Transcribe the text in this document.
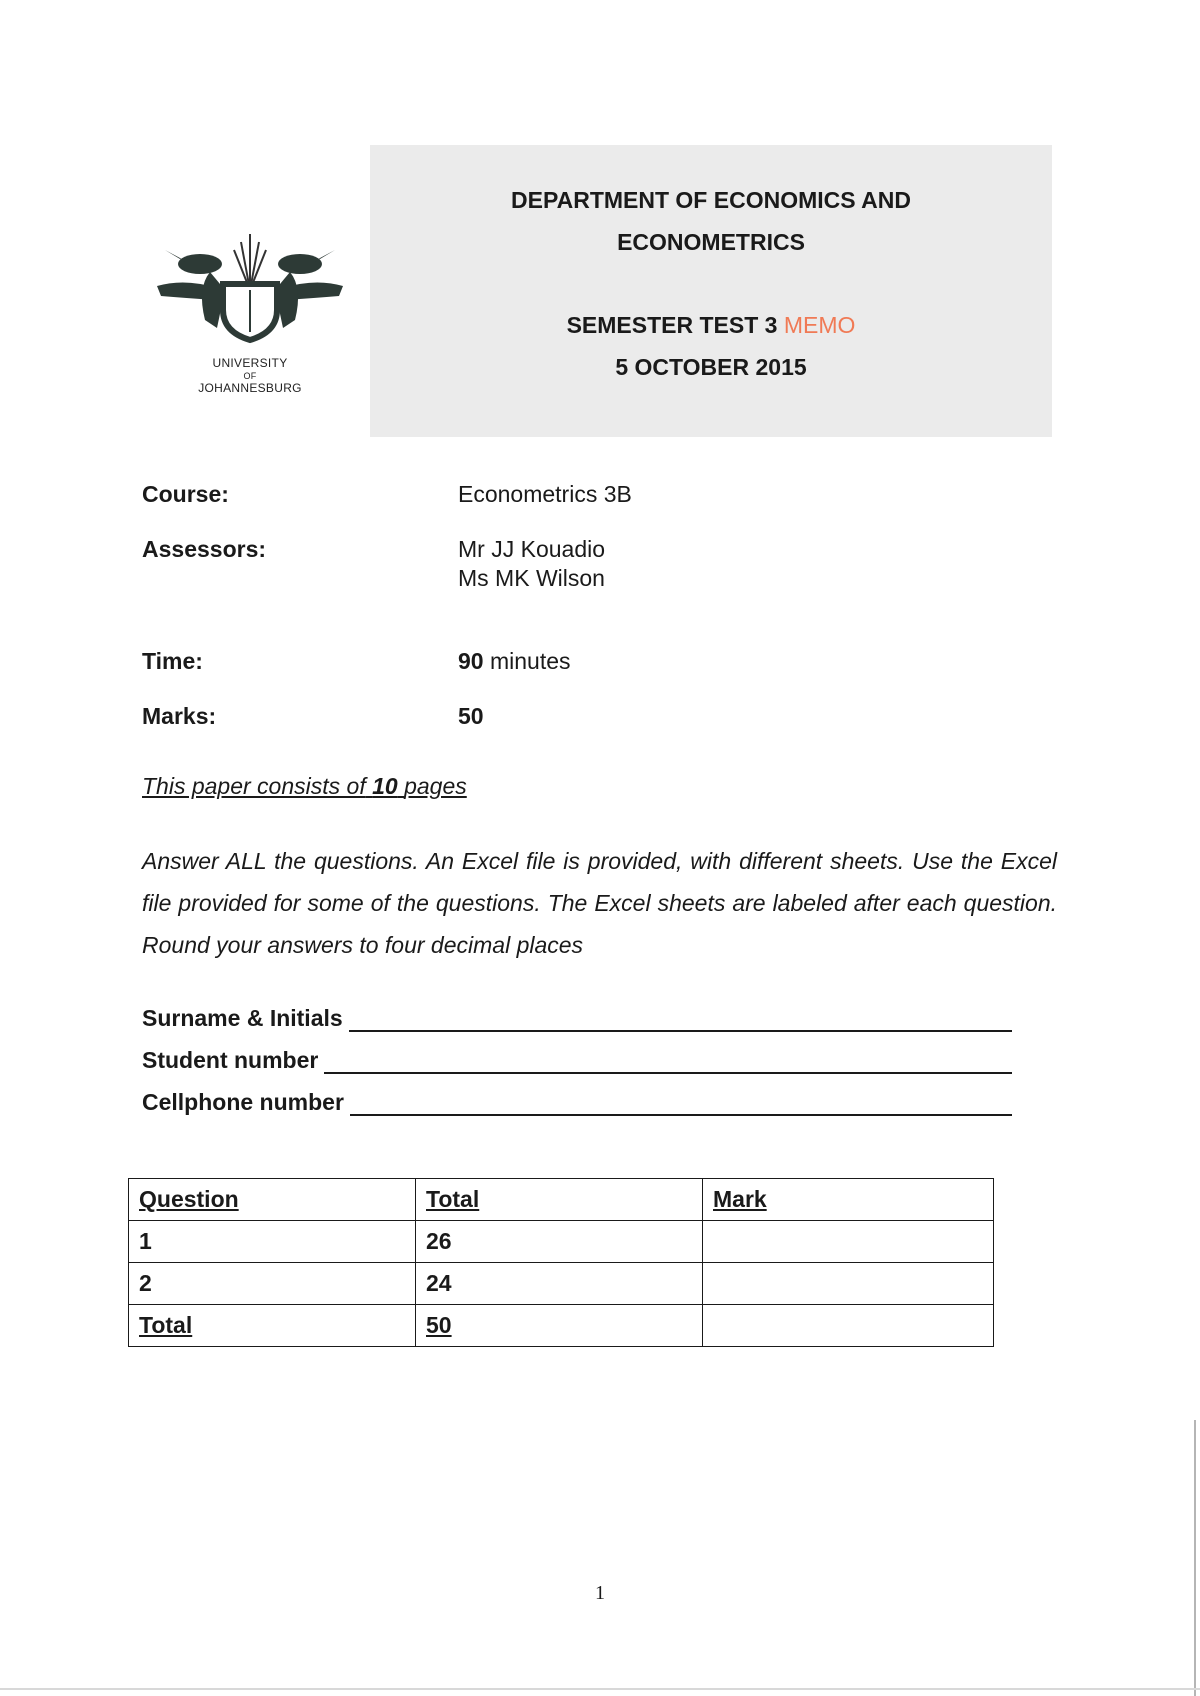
UNIVERSITY
OF
JOHANNESBURG
DEPARTMENT OF ECONOMICS AND
ECONOMETRICS
SEMESTER TEST 3 MEMO
5 OCTOBER 2015
Course:	Econometrics 3B
Assessors:	Mr JJ Kouadio
Ms MK Wilson
Time:	90 minutes
Marks:	50
This paper consists of 10 pages
Answer ALL the questions. An Excel file is provided, with different sheets. Use the Excel file provided for some of the questions. The Excel sheets are labeled after each question. Round your answers to four decimal places
Surname & Initials
Student number
Cellphone number
Question	Total	Mark
1	26	
2	24	
Total	50	
1
